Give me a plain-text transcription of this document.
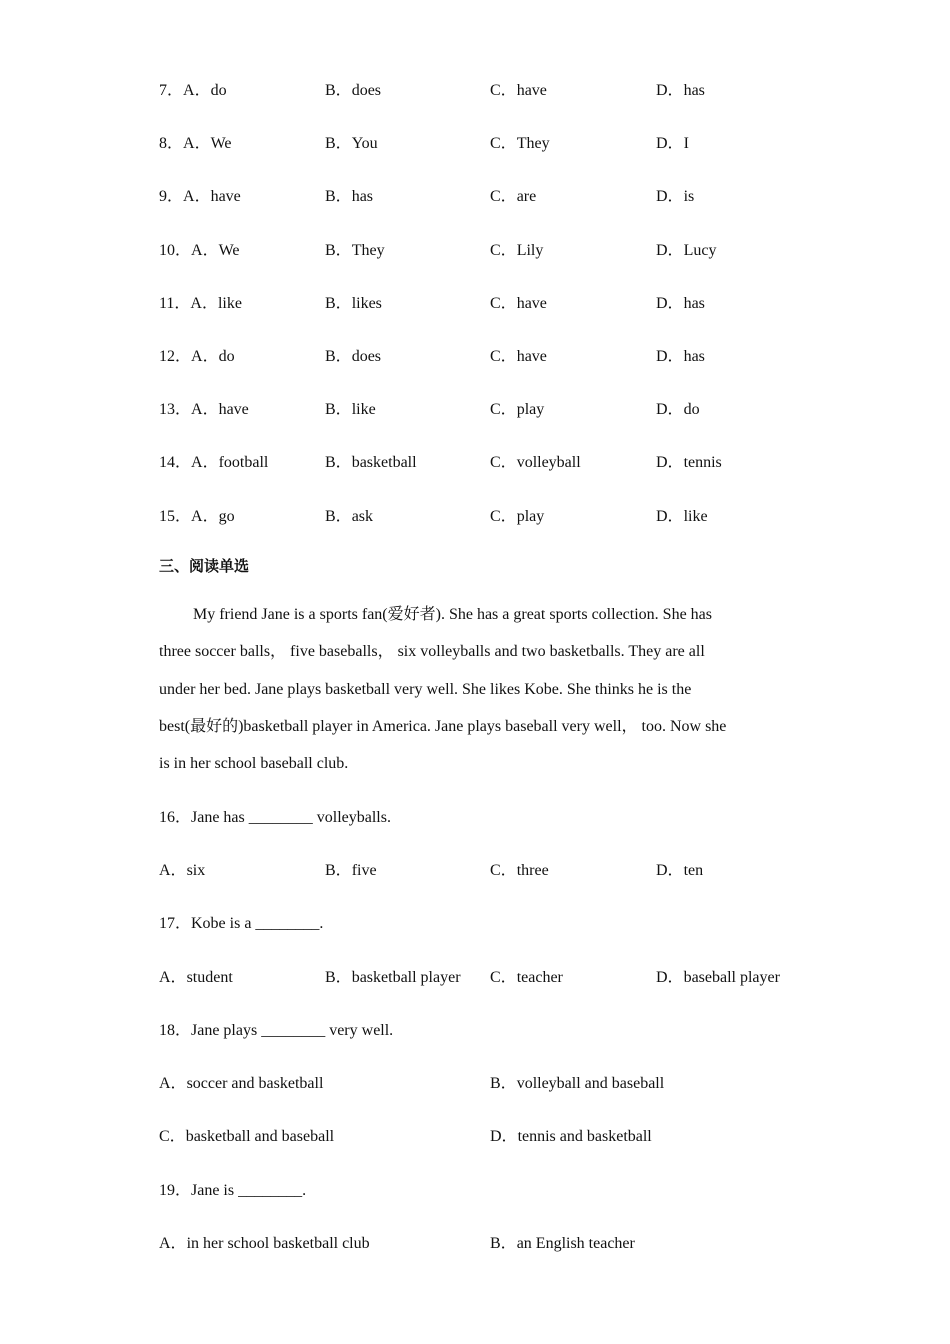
7．A．do	B．does	C．have	D．has
8．A．We	B．You	C．They	D．I
9．A．have	B．has	C．are	D．is
10．A．We	B．They	C．Lily	D．Lucy
11．A．like	B．likes	C．have	D．has
12．A．do	B．does	C．have	D．has
13．A．have	B．like	C．play	D．do
14．A．football	B．basketball	C．volleyball	D．tennis
15．A．go	B．ask	C．play	D．like
三、阅读单选
My friend Jane is a sports fan(爱好者). She has a great sports collection. She has
three soccer balls， five baseballs， six volleyballs and two basketballs. They are all
under her bed. Jane plays basketball very well. She likes Kobe. She thinks he is the
best(最好的)basketball player in America. Jane plays baseball very well， too. Now she
is in her school baseball club.
16．Jane has ________ volleyballs.
A．six	B．five	C．three	D．ten
17．Kobe is a ________.
A．student	B．basketball player C．teacher	D．baseball player
18．Jane plays ________ very well.
A．soccer and basketball	B．volleyball and baseball
C．basketball and baseball	D．tennis and basketball
19．Jane is ________.
A．in her school basketball club	B．an English teacher
